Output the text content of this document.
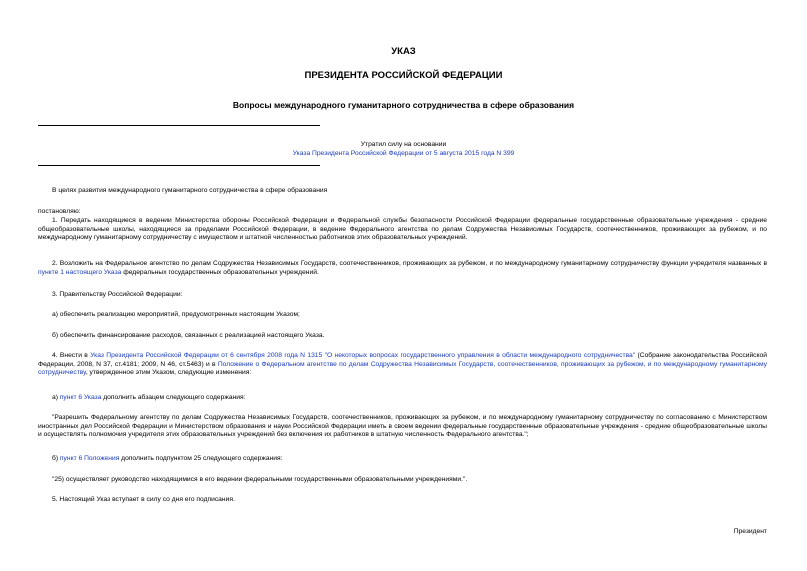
УКАЗ
ПРЕЗИДЕНТА РОССИЙСКОЙ ФЕДЕРАЦИИ
Вопросы международного гуманитарного сотрудничества в сфере образования
Утратил силу на основании
Указа Президента Российской Федерации от 5 августа 2015 года N 399
В целях развития международного гуманитарного сотрудничества в сфере образования
постановляю:
1. Передать находящиеся в ведении Министерства обороны Российской Федерации и Федеральной службы безопасности Российской Федерации федеральные государственные образовательные учреждения - средние общеобразовательные школы, находящиеся за пределами Российской Федерации, в ведение Федерального агентства по делам Содружества Независимых Государств, соотечественников, проживающих за рубежом, и по международному гуманитарному сотрудничеству с имуществом и штатной численностью работников этих образовательных учреждений.
2. Возложить на Федеральное агентство по делам Содружества Независимых Государств, соотечественников, проживающих за рубежом, и по международному гуманитарному сотрудничеству функции учредителя названных в пункте 1 настоящего Указа федеральных государственных образовательных учреждений.
3. Правительству Российской Федерации:
а) обеспечить реализацию мероприятий, предусмотренных настоящим Указом;
б) обеспечить финансирование расходов, связанных с реализацией настоящего Указа.
4. Внести в Указ Президента Российской Федерации от 6 сентября 2008 года N 1315 "О некоторых вопросах государственного управления в области международного сотрудничества" (Собрание законодательства Российской Федерации, 2008, N 37, ст.4181; 2009, N 46, ст.5463) и в Положение о Федеральном агентстве по делам Содружества Независимых Государств, соотечественников, проживающих за рубежом, и по международному гуманитарному сотрудничеству, утвержденное этим Указом, следующие изменения:
а) пункт 6 Указа дополнить абзацем следующего содержания:
"Разрешить Федеральному агентству по делам Содружества Независимых Государств, соотечественников, проживающих за рубежом, и по международному гуманитарному сотрудничеству по согласованию с Министерством иностранных дел Российской Федерации и Министерством образования и науки Российской Федерации иметь в своем ведении федеральные государственные образовательные учреждения - средние общеобразовательные школы и осуществлять полномочия учредителя этих образовательных учреждений без включения их работников в штатную численность Федерального агентства.";
б) пункт 6 Положения дополнить подпунктом 25 следующего содержания:
"25) осуществляет руководство находящимися в его ведении федеральными государственными образовательными учреждениями.".
5. Настоящий Указ вступает в силу со дня его подписания.
Президент
